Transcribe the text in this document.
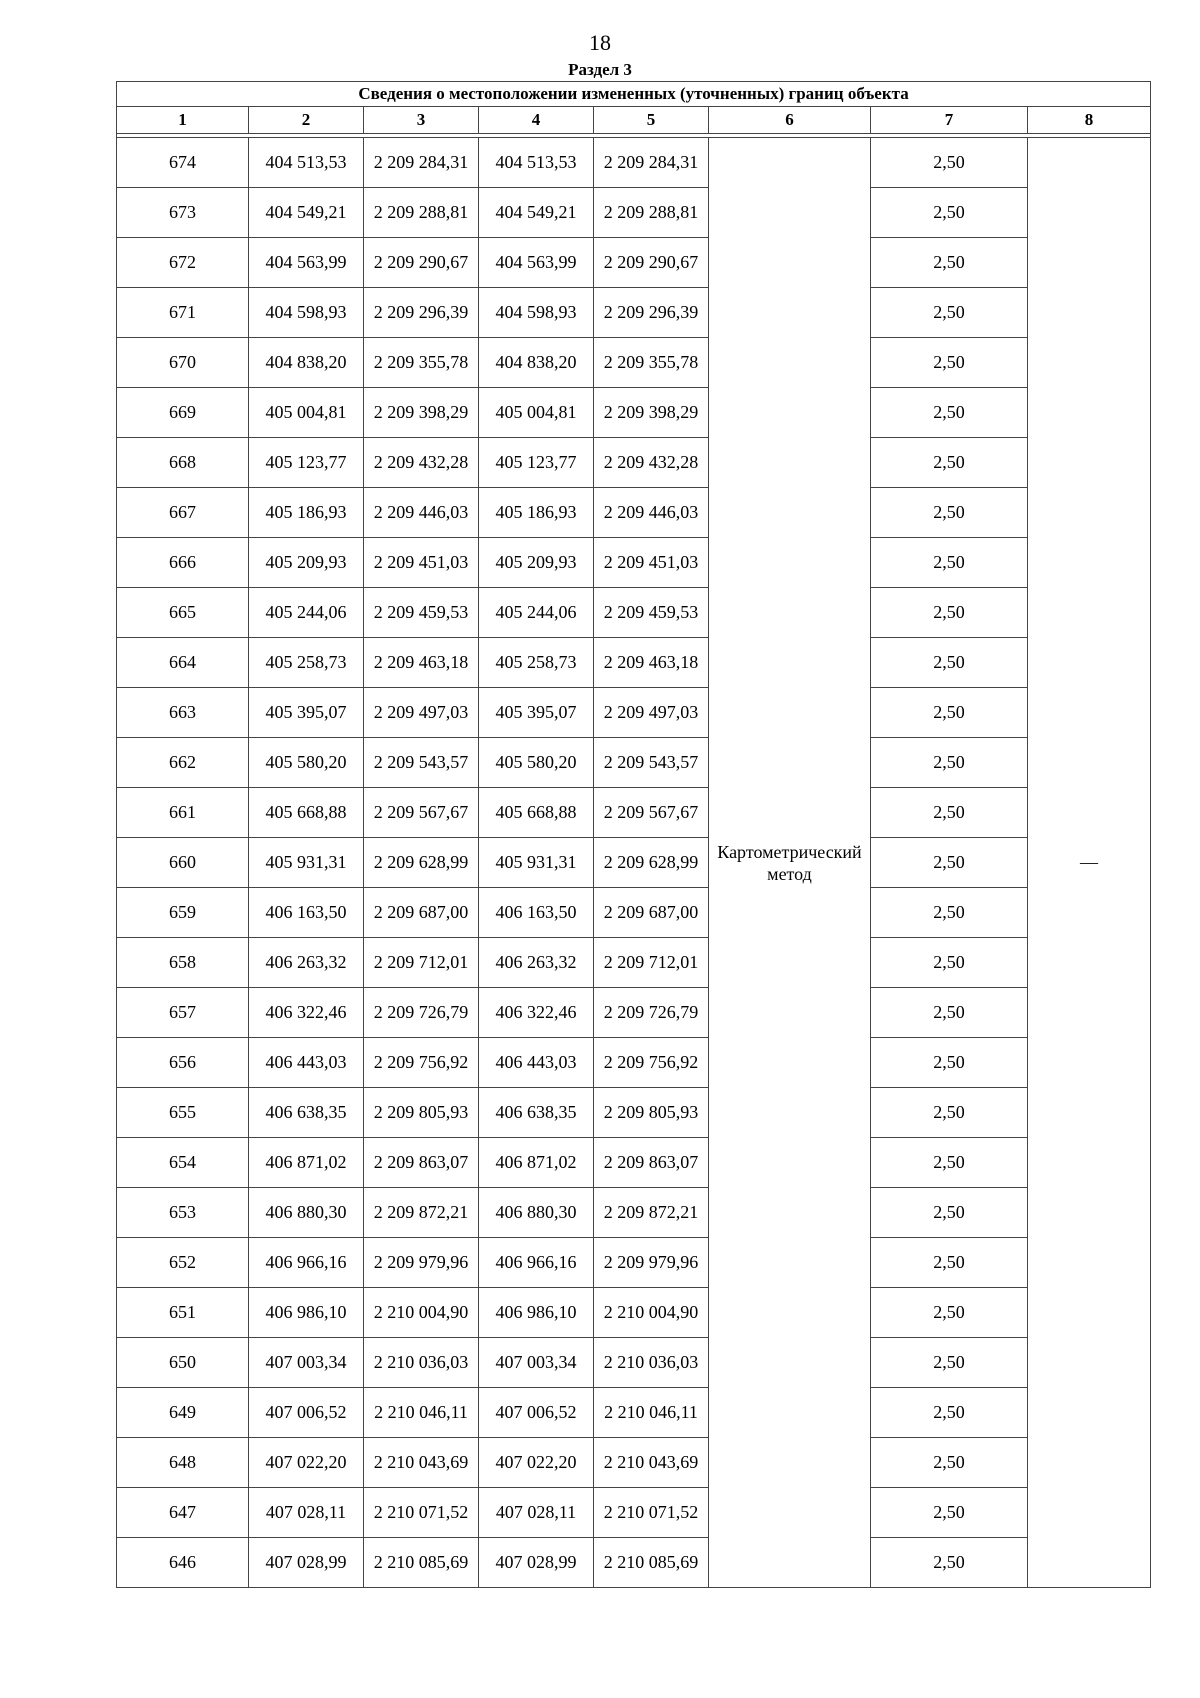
18
Раздел 3
Сведения о местоположении измененных (уточненных) границ объекта							
1	2	3	4	5	6	7	8

674	404 513,53	2 209 284,31	404 513,53	2 209 284,31	Картометрический метод	2,50	—
673	404 549,21	2 209 288,81	404 549,21	2 209 288,81		2,50	
672	404 563,99	2 209 290,67	404 563,99	2 209 290,67		2,50	
671	404 598,93	2 209 296,39	404 598,93	2 209 296,39		2,50	
670	404 838,20	2 209 355,78	404 838,20	2 209 355,78		2,50	
669	405 004,81	2 209 398,29	405 004,81	2 209 398,29		2,50	
668	405 123,77	2 209 432,28	405 123,77	2 209 432,28		2,50	
667	405 186,93	2 209 446,03	405 186,93	2 209 446,03		2,50	
666	405 209,93	2 209 451,03	405 209,93	2 209 451,03		2,50	
665	405 244,06	2 209 459,53	405 244,06	2 209 459,53		2,50	
664	405 258,73	2 209 463,18	405 258,73	2 209 463,18		2,50	
663	405 395,07	2 209 497,03	405 395,07	2 209 497,03		2,50	
662	405 580,20	2 209 543,57	405 580,20	2 209 543,57		2,50	
661	405 668,88	2 209 567,67	405 668,88	2 209 567,67		2,50	
660	405 931,31	2 209 628,99	405 931,31	2 209 628,99		2,50	
659	406 163,50	2 209 687,00	406 163,50	2 209 687,00		2,50	
658	406 263,32	2 209 712,01	406 263,32	2 209 712,01		2,50	
657	406 322,46	2 209 726,79	406 322,46	2 209 726,79		2,50	
656	406 443,03	2 209 756,92	406 443,03	2 209 756,92		2,50	
655	406 638,35	2 209 805,93	406 638,35	2 209 805,93		2,50	
654	406 871,02	2 209 863,07	406 871,02	2 209 863,07		2,50	
653	406 880,30	2 209 872,21	406 880,30	2 209 872,21		2,50	
652	406 966,16	2 209 979,96	406 966,16	2 209 979,96		2,50	
651	406 986,10	2 210 004,90	406 986,10	2 210 004,90		2,50	
650	407 003,34	2 210 036,03	407 003,34	2 210 036,03		2,50	
649	407 006,52	2 210 046,11	407 006,52	2 210 046,11		2,50	
648	407 022,20	2 210 043,69	407 022,20	2 210 043,69		2,50	
647	407 028,11	2 210 071,52	407 028,11	2 210 071,52		2,50	
646	407 028,99	2 210 085,69	407 028,99	2 210 085,69		2,50	
